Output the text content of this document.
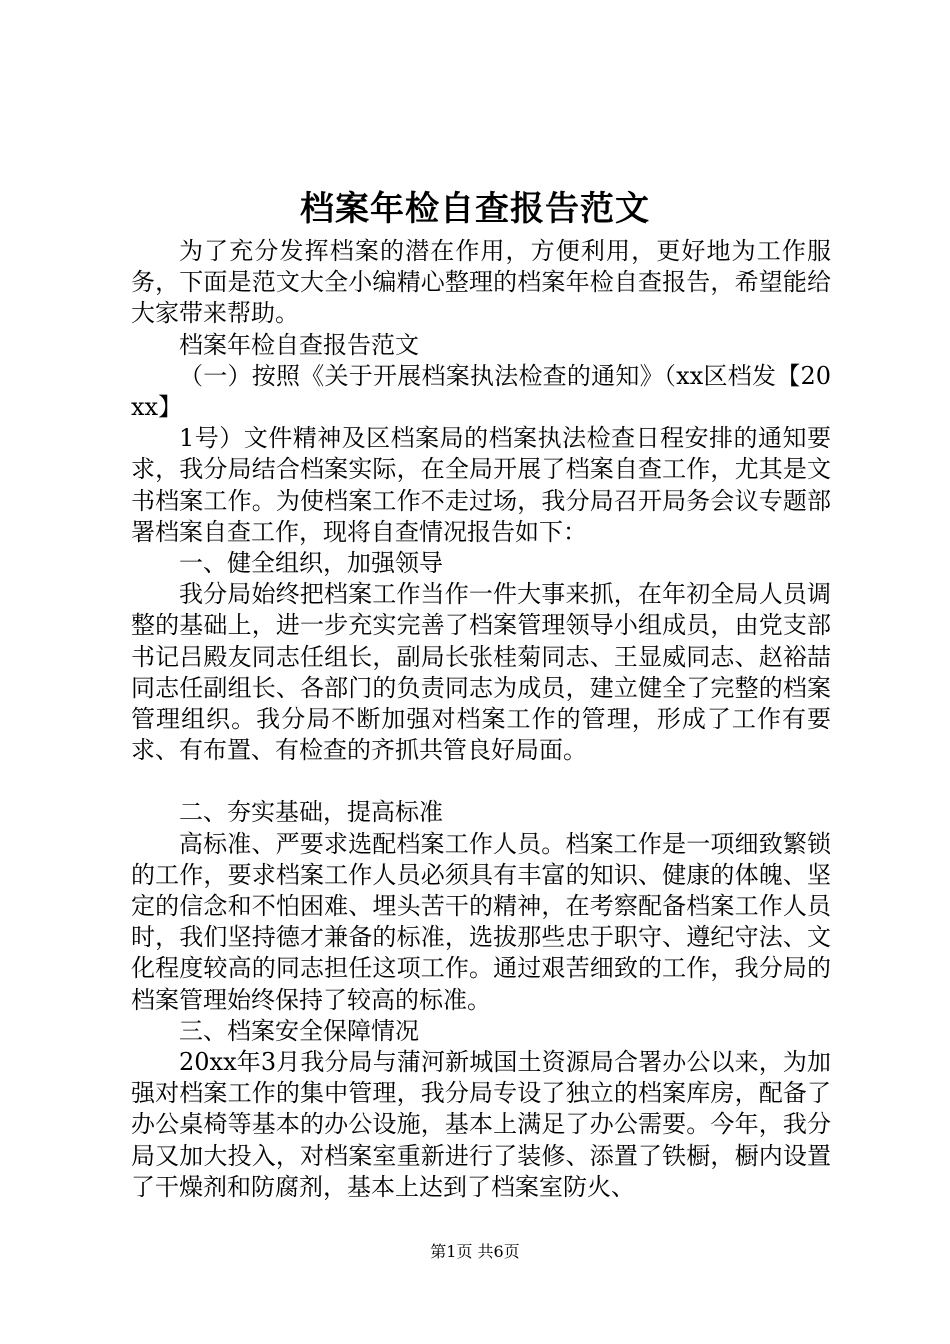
档案年检自查报告范文

为了充分发挥档案的潜在作用，方便利用，更好地为工作服务，下面是范文大全小编精心整理的档案年检自查报告，希望能给大家带来帮助。

档案年检自查报告范文

（一）按照《关于开展档案执法检查的通知》（xx区档发【20xx】

1号）文件精神及区档案局的档案执法检查日程安排的通知要求，我分局结合档案实际，在全局开展了档案自查工作，尤其是文书档案工作。为使档案工作不走过场，我分局召开局务会议专题部署档案自查工作，现将自查情况报告如下：

一、健全组织，加强领导

我分局始终把档案工作当作一件大事来抓，在年初全局人员调整的基础上，进一步充实完善了档案管理领导小组成员，由党支部书记吕殿友同志任组长，副局长张桂菊同志、王显威同志、赵裕喆同志任副组长、各部门的负责同志为成员，建立健全了完整的档案管理组织。我分局不断加强对档案工作的管理，形成了工作有要求、有布置、有检查的齐抓共管良好局面。

二、夯实基础，提高标准

高标准、严要求选配档案工作人员。档案工作是一项细致繁锁的工作，要求档案工作人员必须具有丰富的知识、健康的体魄、坚定的信念和不怕困难、埋头苦干的精神，在考察配备档案工作人员时，我们坚持德才兼备的标准，选拔那些忠于职守、遵纪守法、文化程度较高的同志担任这项工作。通过艰苦细致的工作，我分局的档案管理始终保持了较高的标准。

三、档案安全保障情况

20xx年3月我分局与蒲河新城国土资源局合署办公以来，为加强对档案工作的集中管理，我分局专设了独立的档案库房，配备了办公桌椅等基本的办公设施，基本上满足了办公需要。今年，我分局又加大投入，对档案室重新进行了装修、添置了铁橱，橱内设置了干燥剂和防腐剂，基本上达到了档案室防火、

第1页 共6页
